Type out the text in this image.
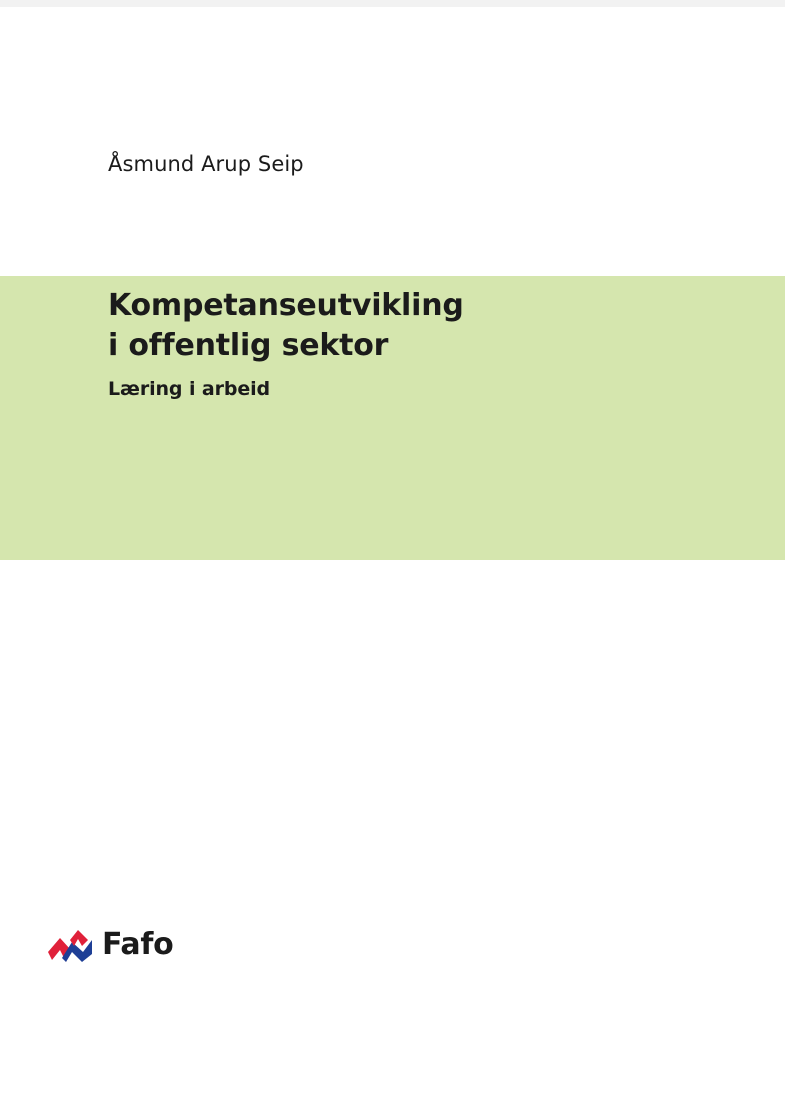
Åsmund Arup Seip
Kompetanseutvikling
i offentlig sektor
Læring i arbeid
Fafo
